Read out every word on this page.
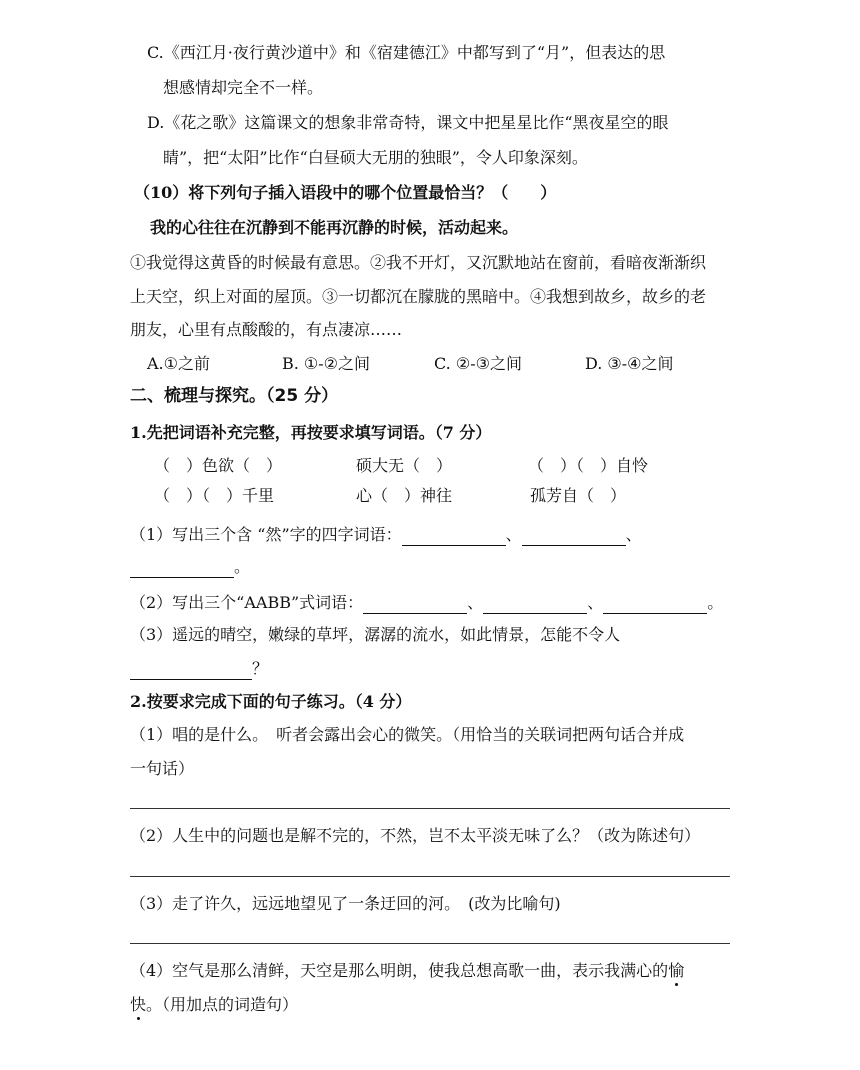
C.《西江月·夜行黄沙道中》和《宿建德江》中都写到了“月”，但表达的思
想感情却完全不一样。
D.《花之歌》这篇课文的想象非常奇特，课文中把星星比作“黑夜星空的眼
睛”，把“太阳”比作“白昼硕大无朋的独眼”，令人印象深刻。
（10）将下列句子插入语段中的哪个位置最恰当？（　　）
我的心往往在沉静到不能再沉静的时候，活动起来。
①我觉得这黄昏的时候最有意思。②我不开灯，又沉默地站在窗前，看暗夜渐渐织
上天空，织上对面的屋顶。③一切都沉在朦胧的黑暗中。④我想到故乡，故乡的老
朋友，心里有点酸酸的，有点凄凉……
A.①之前	B. ①-②之间	C. ②-③之间	D. ③-④之间
二、梳理与探究。（25 分）
1.先把词语补充完整，再按要求填写词语。（7 分）
（　）色欲（　）	硕大无（　）	（　）（　）自怜
（　）（　）千里	心（　）神往	孤芳自（　）
（1）写出三个含 “然”字的四字词语：	、	、
。
（2）写出三个“AABB”式词语：	、	、	。
（3）遥远的晴空，嫩绿的草坪，潺潺的流水，如此情景，怎能不令人
？
2.按要求完成下面的句子练习。（4 分）
（1）唱的是什么。　听者会露出会心的微笑。（用恰当的关联词把两句话合并成
一句话）
（2）人生中的问题也是解不完的，不然，岂不太平淡无味了么？（改为陈述句）
（3）走了许久，远远地望见了一条迂回的河。　(改为比喻句)
（4）空气是那么清鲜，天空是那么明朗，使我总想高歌一曲，表示我满心的愉
快。（用加点的词造句）
